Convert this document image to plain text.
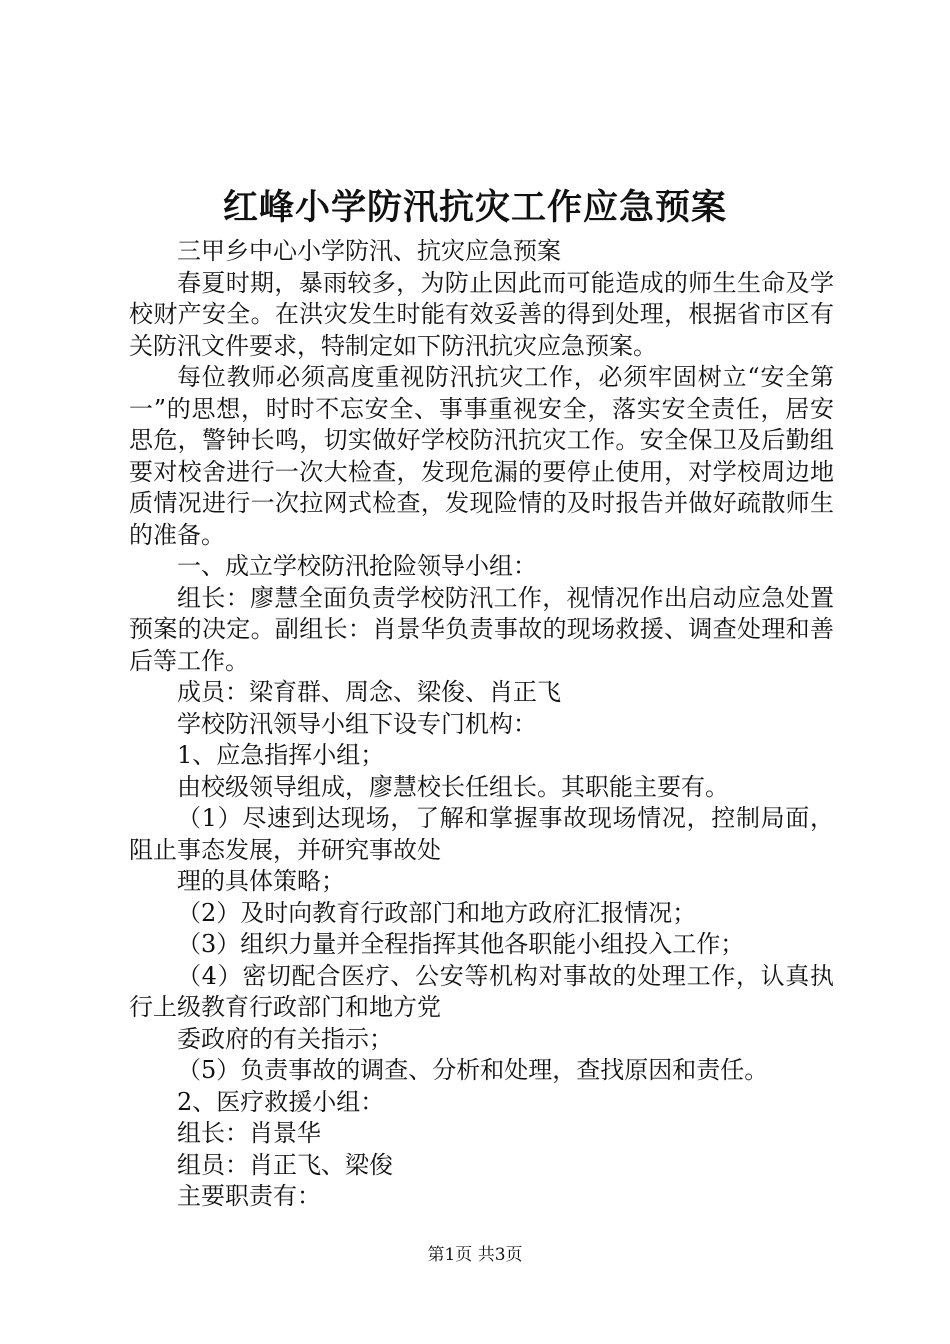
红峰小学防汛抗灾工作应急预案

三甲乡中心小学防汛、抗灾应急预案

春夏时期，暴雨较多，为防止因此而可能造成的师生生命及学校财产安全。在洪灾发生时能有效妥善的得到处理，根据省市区有关防汛文件要求，特制定如下防汛抗灾应急预案。

每位教师必须高度重视防汛抗灾工作，必须牢固树立“安全第一”的思想，时时不忘安全、事事重视安全，落实安全责任，居安思危，警钟长鸣，切实做好学校防汛抗灾工作。安全保卫及后勤组要对校舍进行一次大检查，发现危漏的要停止使用，对学校周边地质情况进行一次拉网式检查，发现险情的及时报告并做好疏散师生的准备。

一、成立学校防汛抢险领导小组：

组长：廖慧全面负责学校防汛工作，视情况作出启动应急处置预案的决定。副组长：肖景华负责事故的现场救援、调查处理和善后等工作。

成员：梁育群、周念、梁俊、肖正飞

学校防汛领导小组下设专门机构：

1、应急指挥小组；

由校级领导组成，廖慧校长任组长。其职能主要有。

（1）尽速到达现场，了解和掌握事故现场情况，控制局面，阻止事态发展，并研究事故处

理的具体策略；

（2）及时向教育行政部门和地方政府汇报情况；

（3）组织力量并全程指挥其他各职能小组投入工作；

（4）密切配合医疗、公安等机构对事故的处理工作，认真执行上级教育行政部门和地方党

委政府的有关指示；

（5）负责事故的调查、分析和处理，查找原因和责任。

2、医疗救援小组：

组长：肖景华

组员：肖正飞、梁俊

主要职责有：

第1页 共3页
